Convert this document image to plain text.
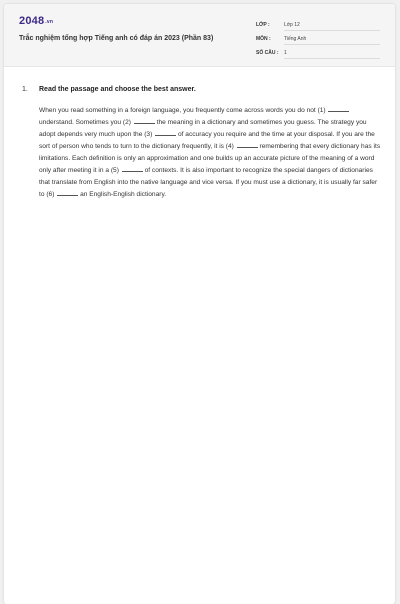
$2048^{.vn}$
Trắc nghiệm tổng hợp Tiếng anh có đáp án 2023 (Phần 83)
LỚP :	Lớp 12
MÔN :	Tiếng Anh
SỐ CÂU : 1
1. Read the passage and choose the best answer.
When you read something in a foreign language, you frequently come across words you do not (1)  understand. Sometimes you (2)	the meaning in a dictionary and sometimes you guess. The strategy you adopt depends very much upon the (3)	of accuracy you require and the time at your disposal. If you are the sort of person who tends to turn to the dictionary frequently, it is (4)	remembering that every dictionary has its limitations. Each definition is only an approximation and one builds up an accurate picture of the meaning of a word only after meeting it in a (5)	of contexts. It is also important to recognize the special dangers of dictionaries that translate from English into the native language and vice versa. If you must use a dictionary, it is usually far safer to (6)	an English-English dictionary.
